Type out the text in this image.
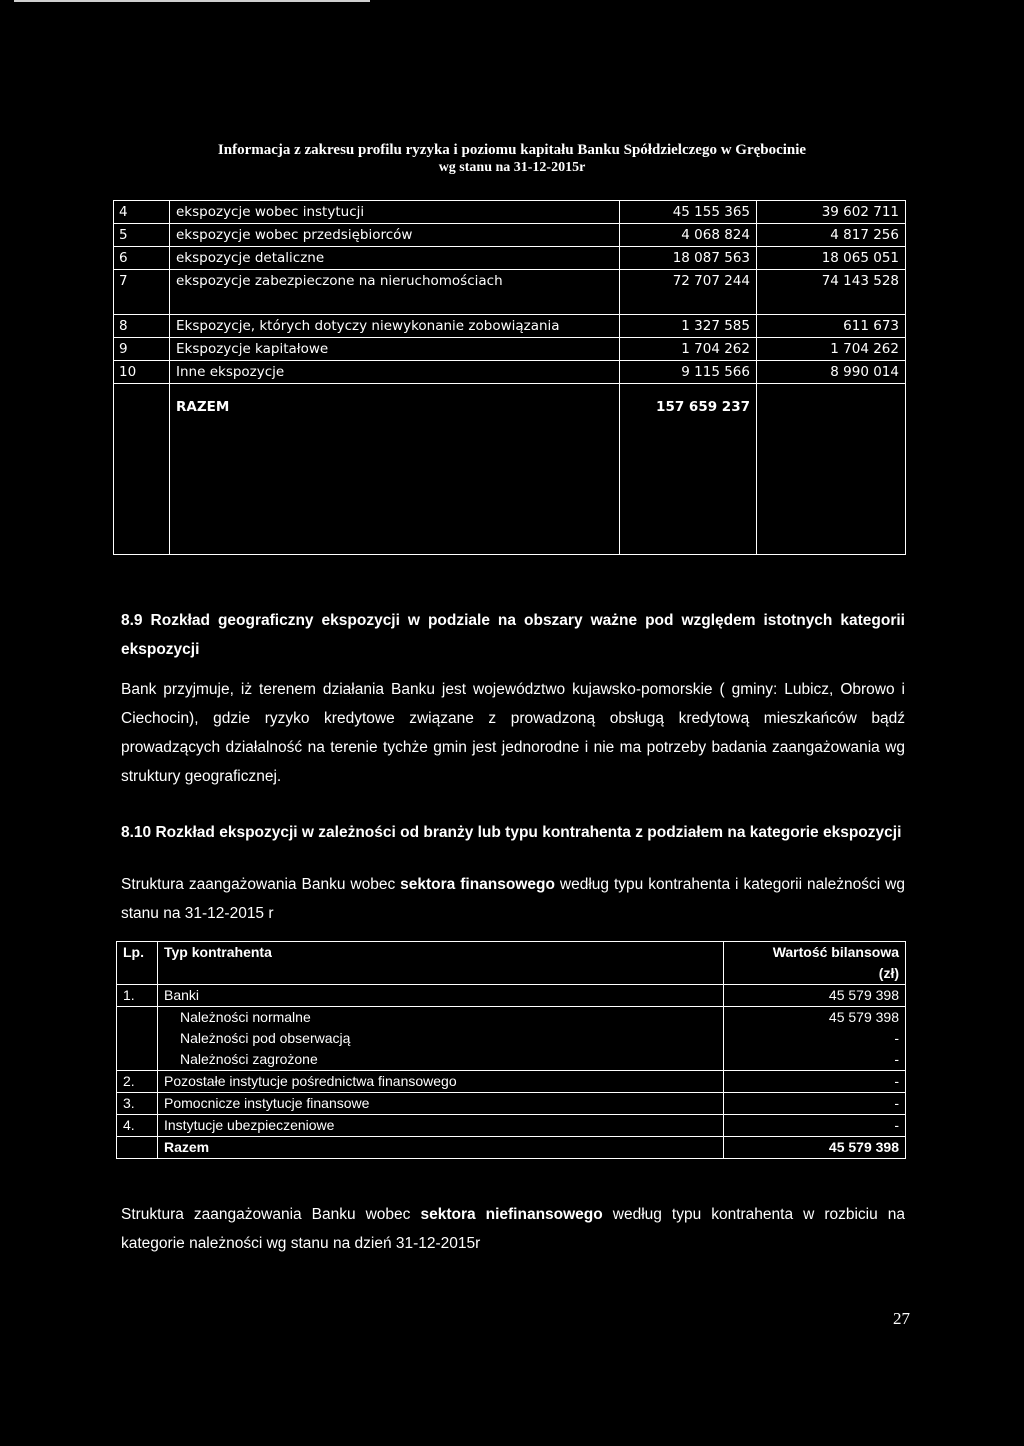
Informacja z zakresu profilu ryzyka i poziomu kapitału Banku Spółdzielczego w Grębocinie
wg stanu na 31-12-2015r
4	ekspozycje wobec instytucji	45 155 365	39 602 711
5	ekspozycje wobec przedsiębiorców	4 068 824	4 817 256
6	ekspozycje detaliczne	18 087 563	18 065 051
7	ekspozycje zabezpieczone na nieruchomościach	72 707 244	74 143 528
8	Ekspozycje, których dotyczy niewykonanie zobowiązania	1 327 585	611 673
9	Ekspozycje kapitałowe	1 704 262	1 704 262
10	Inne ekspozycje	9 115 566	8 990 014
	RAZEM	157 659 237	
8.9 Rozkład geograficzny ekspozycji w podziale na obszary ważne pod względem istotnych kategorii ekspozycji
Bank przyjmuje, iż terenem działania Banku jest województwo kujawsko-pomorskie ( gminy: Lubicz, Obrowo i Ciechocin), gdzie ryzyko kredytowe związane z prowadzoną obsługą kredytową mieszkańców bądź prowadzących działalność na terenie tychże gmin jest jednorodne i nie ma potrzeby badania zaangażowania wg struktury geograficznej.
8.10 Rozkład ekspozycji w zależności od branży lub typu kontrahenta z podziałem na kategorie ekspozycji
Struktura zaangażowania Banku wobec sektora finansowego według typu kontrahenta i kategorii należności wg stanu na 31-12-2015 r
Lp.	Typ kontrahenta	Wartość bilansowa
		(zł)
1.	Banki	45 579 398
	Należności normalne	45 579 398
	Należności pod obserwacją	-
	Należności zagrożone	-
2.	Pozostałe instytucje pośrednictwa finansowego	-
3.	Pomocnicze instytucje finansowe	-
4.	Instytucje ubezpieczeniowe	-
	Razem	45 579 398
Struktura zaangażowania Banku wobec sektora niefinansowego według typu kontrahenta w rozbiciu na kategorie należności wg stanu na dzień 31-12-2015r
27
